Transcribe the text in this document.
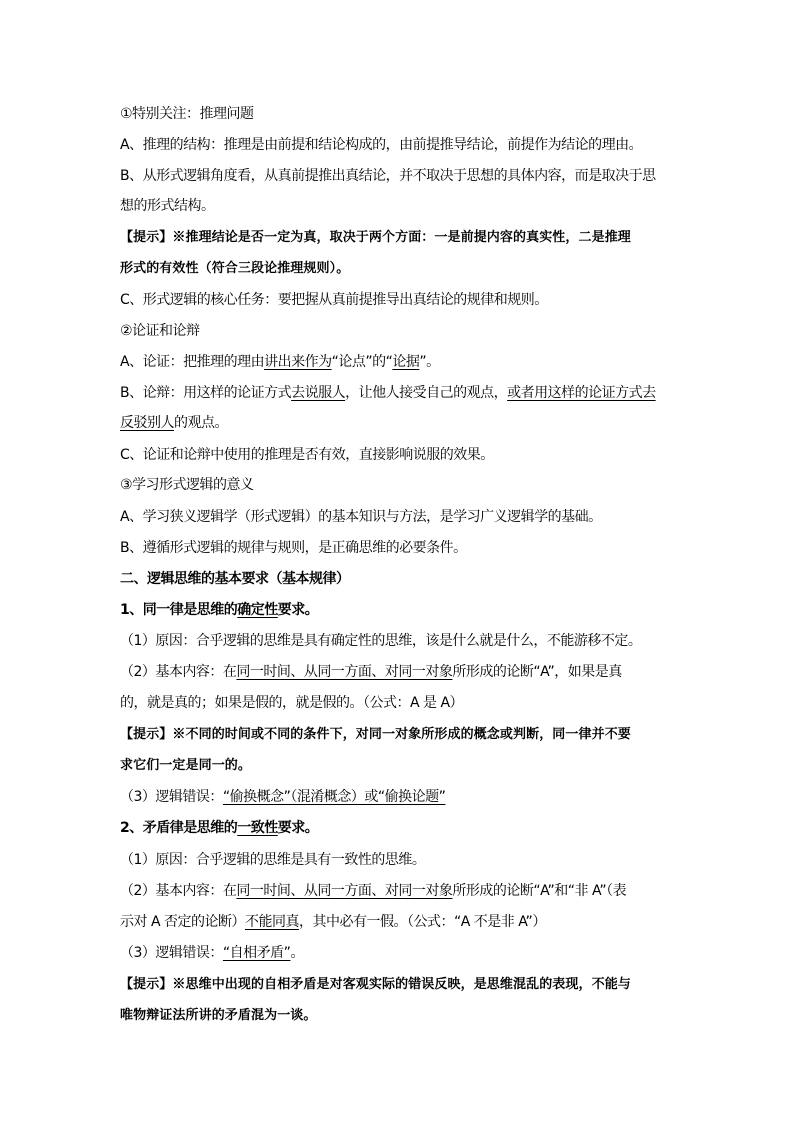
①特别关注：推理问题
A、推理的结构：推理是由前提和结论构成的，由前提推导结论，前提作为结论的理由。
B、从形式逻辑角度看，从真前提推出真结论，并不取决于思想的具体内容，而是取决于思
想的形式结构。
【提示】※推理结论是否一定为真，取决于两个方面：一是前提内容的真实性，二是推理
形式的有效性（符合三段论推理规则）。
C、形式逻辑的核心任务：要把握从真前提推导出真结论的规律和规则。
②论证和论辩
A、论证：把推理的理由讲出来作为“论点”的“论据”。
B、论辩：用这样的论证方式去说服人，让他人接受自己的观点，或者用这样的论证方式去
反驳别人的观点。
C、论证和论辩中使用的推理是否有效，直接影响说服的效果。
③学习形式逻辑的意义
A、学习狭义逻辑学（形式逻辑）的基本知识与方法，是学习广义逻辑学的基础。
B、遵循形式逻辑的规律与规则，是正确思维的必要条件。
二、逻辑思维的基本要求（基本规律）
1、同一律是思维的确定性要求。
（1）原因：合乎逻辑的思维是具有确定性的思维，该是什么就是什么，不能游移不定。
（2）基本内容：在同一时间、从同一方面、对同一对象所形成的论断“A”，如果是真
的，就是真的；如果是假的，就是假的。（公式：A 是 A）
【提示】※不同的时间或不同的条件下，对同一对象所形成的概念或判断，同一律并不要
求它们一定是同一的。
（3）逻辑错误：“偷换概念”（混淆概念）或“偷换论题”
2、矛盾律是思维的一致性要求。
（1）原因：合乎逻辑的思维是具有一致性的思维。
（2）基本内容：在同一时间、从同一方面、对同一对象所形成的论断“A”和“非 A”（表
示对 A 否定的论断）不能同真，其中必有一假。（公式：“A 不是非 A”）
（3）逻辑错误：“自相矛盾”。
【提示】※思维中出现的自相矛盾是对客观实际的错误反映，是思维混乱的表现，不能与
唯物辩证法所讲的矛盾混为一谈。
